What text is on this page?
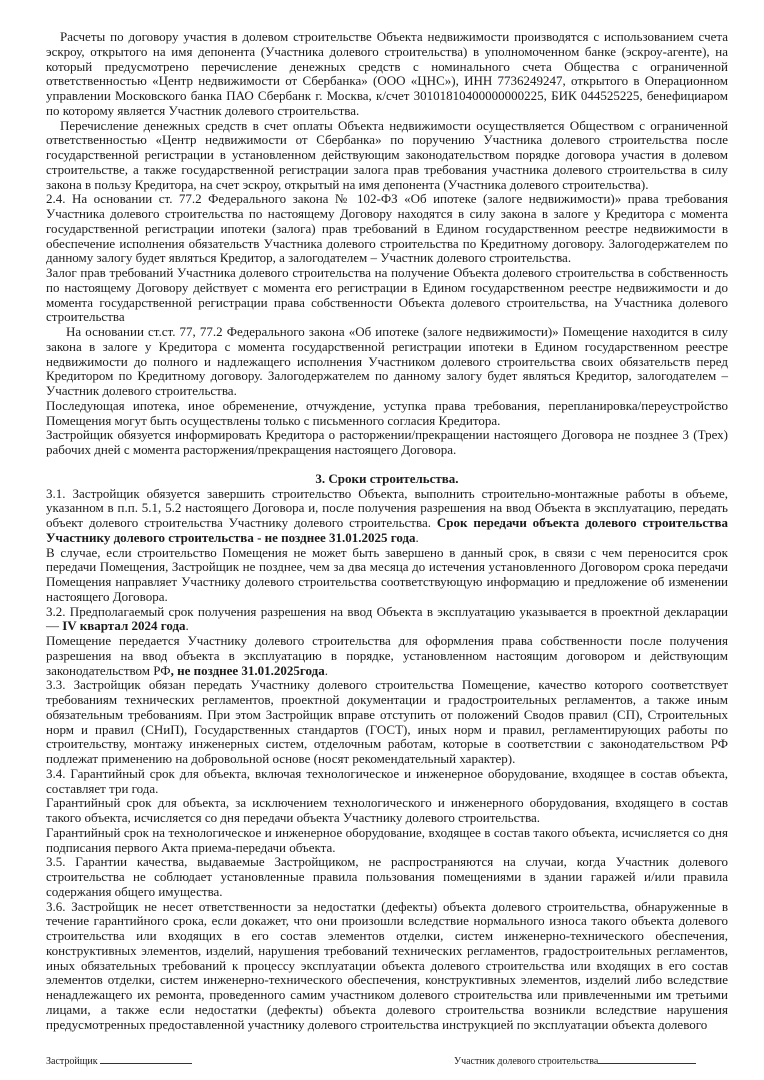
Расчеты по договору участия в долевом строительстве Объекта недвижимости производятся с использованием счета эскроу, открытого на имя депонента (Участника долевого строительства) в уполномоченном банке (эскроу-агенте), на который предусмотрено перечисление денежных средств с номинального счета Общества с ограниченной ответственностью «Центр недвижимости от Сбербанка» (ООО «ЦНС»), ИНН 7736249247, открытого в Операционном управлении Московского банка ПАО Сбербанк г. Москва, к/счет 30101810400000000225, БИК 044525225, бенефициаром по которому является Участник долевого строительства.

Перечисление денежных средств в счет оплаты Объекта недвижимости осуществляется Обществом с ограниченной ответственностью «Центр недвижимости от Сбербанка» по поручению Участника долевого строительства после государственной регистрации в установленном действующим законодательством порядке договора участия в долевом строительстве, а также государственной регистрации залога прав требования участника долевого строительства в силу закона в пользу Кредитора, на счет эскроу, открытый на имя депонента (Участника долевого строительства).

2.4. На основании ст. 77.2 Федерального закона № 102-ФЗ «Об ипотеке (залоге недвижимости)» права требования Участника долевого строительства по настоящему Договору находятся в силу закона в залоге у Кредитора с момента государственной регистрации ипотеки (залога) прав требований в Едином государственном реестре недвижимости в обеспечение исполнения обязательств Участника долевого строительства по Кредитному договору. Залогодержателем по данному залогу будет являться Кредитор, а залогодателем – Участник долевого строительства.

Залог прав требований Участника долевого строительства на получение Объекта долевого строительства в собственность по настоящему Договору действует с момента его регистрации в Едином государственном реестре недвижимости и до момента государственной регистрации права собственности Объекта долевого строительства, на Участника долевого строительства

На основании ст.ст. 77, 77.2 Федерального закона «Об ипотеке (залоге недвижимости)» Помещение находится в силу закона в залоге у Кредитора с момента государственной регистрации ипотеки в Едином государственном реестре недвижимости до полного и надлежащего исполнения Участником долевого строительства своих обязательств перед Кредитором по Кредитному договору. Залогодержателем по данному залогу будет являться Кредитор, залогодателем – Участник долевого строительства.

Последующая ипотека, иное обременение, отчуждение, уступка права требования, перепланировка/переустройство Помещения могут быть осуществлены только с письменного согласия Кредитора.

Застройщик обязуется информировать Кредитора о расторжении/прекращении настоящего Договора не позднее 3 (Трех) рабочих дней с момента расторжения/прекращения настоящего Договора.

3. Сроки строительства.

3.1. Застройщик обязуется завершить строительство Объекта, выполнить строительно-монтажные работы в объеме, указанном в п.п. 5.1, 5.2 настоящего Договора и, после получения разрешения на ввод Объекта в эксплуатацию, передать объект долевого строительства Участнику долевого строительства. Срок передачи объекта долевого строительства Участнику долевого строительства - не позднее 31.01.2025 года.

В случае, если строительство Помещения не может быть завершено в данный срок, в связи с чем переносится срок передачи Помещения, Застройщик не позднее, чем за два месяца до истечения установленного Договором срока передачи Помещения направляет Участнику долевого строительства соответствующую информацию и предложение об изменении настоящего Договора.

3.2. Предполагаемый срок получения разрешения на ввод Объекта в эксплуатацию указывается в проектной декларации — IV квартал 2024 года.

Помещение передается Участнику долевого строительства для оформления права собственности после получения разрешения на ввод объекта в эксплуатацию в порядке, установленном настоящим договором и действующим законодательством РФ, не позднее 31.01.2025года.

3.3. Застройщик обязан передать Участнику долевого строительства Помещение, качество которого соответствует требованиям технических регламентов, проектной документации и градостроительных регламентов, а также иным обязательным требованиям. При этом Застройщик вправе отступить от положений Сводов правил (СП), Строительных норм и правил (СНиП), Государственных стандартов (ГОСТ), иных норм и правил, регламентирующих работы по строительству, монтажу инженерных систем, отделочным работам, которые в соответствии с законодательством РФ подлежат применению на добровольной основе (носят рекомендательный характер).

3.4. Гарантийный срок для объекта, включая технологическое и инженерное оборудование, входящее в состав объекта, составляет три года.

Гарантийный срок для объекта, за исключением технологического и инженерного оборудования, входящего в состав такого объекта, исчисляется со дня передачи объекта Участнику долевого строительства.

Гарантийный срок на технологическое и инженерное оборудование, входящее в состав такого объекта, исчисляется со дня подписания первого Акта приема-передачи объекта.

3.5. Гарантии качества, выдаваемые Застройщиком, не распространяются на случаи, когда Участник долевого строительства не соблюдает установленные правила пользования помещениями в здании гаражей и/или правила содержания общего имущества.

3.6. Застройщик не несет ответственности за недостатки (дефекты) объекта долевого строительства, обнаруженные в течение гарантийного срока, если докажет, что они произошли вследствие нормального износа такого объекта долевого строительства или входящих в его состав элементов отделки, систем инженерно-технического обеспечения, конструктивных элементов, изделий, нарушения требований технических регламентов, градостроительных регламентов, иных обязательных требований к процессу эксплуатации объекта долевого строительства или входящих в его состав элементов отделки, систем инженерно-технического обеспечения, конструктивных элементов, изделий либо вследствие ненадлежащего их ремонта, проведенного самим участником долевого строительства или привлеченными им третьими лицами, а также если недостатки (дефекты) объекта долевого строительства возникли вследствие нарушения предусмотренных предоставленной участнику долевого строительства инструкцией по эксплуатации объекта долевого

Застройщик	Участник долевого строительства
